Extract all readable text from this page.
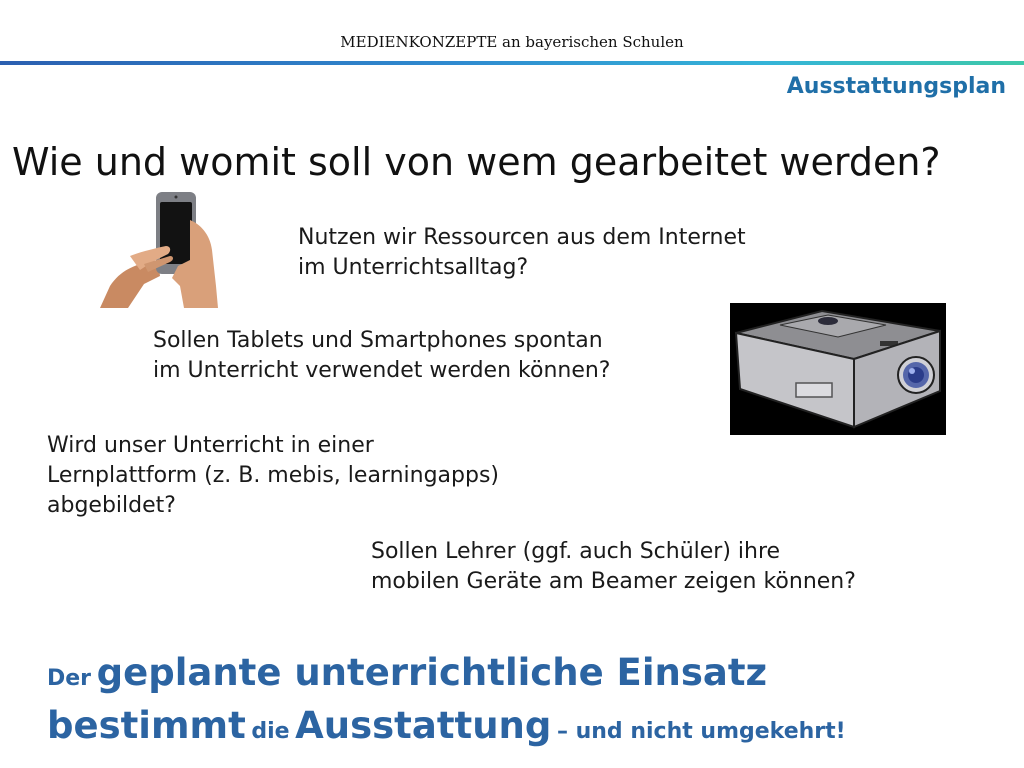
MEDIENKONZEPTE an bayerischen Schulen
Ausstattungsplan
Wie und womit soll von wem gearbeitet werden?
Nutzen wir Ressourcen aus dem Internet
im Unterrichtsalltag?
Sollen Tablets und Smartphones spontan
im Unterricht verwendet werden können?
Wird unser Unterricht in einer
Lernplattform (z. B. mebis, learningapps)
abgebildet?
Sollen Lehrer (ggf. auch Schüler) ihre
mobilen Geräte am Beamer zeigen können?
Der geplante unterrichtliche Einsatz
bestimmt die Ausstattung – und nicht umgekehrt!
